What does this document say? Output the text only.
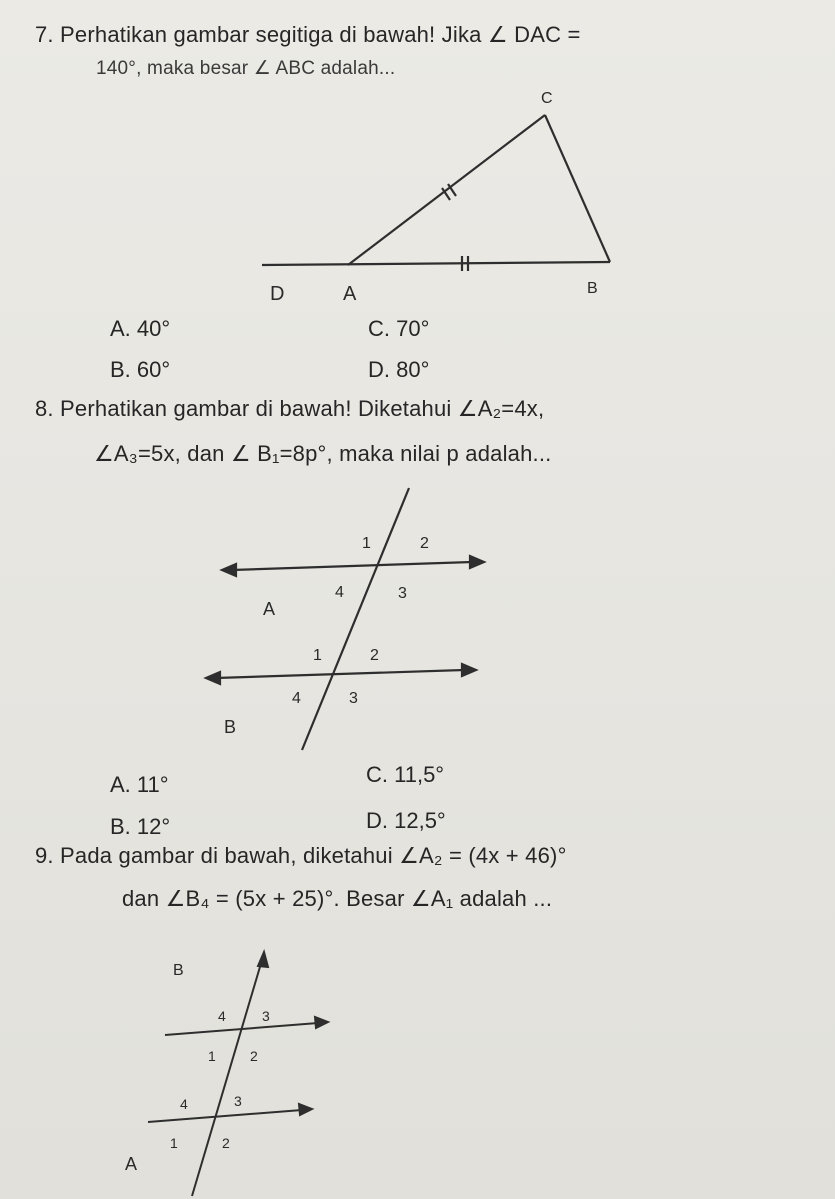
7. Perhatikan gambar segitiga di bawah! Jika ∠ DAC =
140°, maka besar ∠ ABC adalah...
C
D	A	B
1	2
4	3
A
1	2
4	3
B
B
4	3
1 2
4	3
1	2
A
A. 40°	C. 70°
B. 60°	D. 80°
8. Perhatikan gambar di bawah! Diketahui ∠A₂=4x,
∠A₃=5x, dan ∠ B₁=8p°, maka nilai p adalah...
A. 11°	C. 11,5°
B. 12°	D. 12,5°
9. Pada gambar di bawah, diketahui ∠A₂ = (4x + 46)°
dan ∠B₄ = (5x + 25)°. Besar ∠A₁ adalah ...
